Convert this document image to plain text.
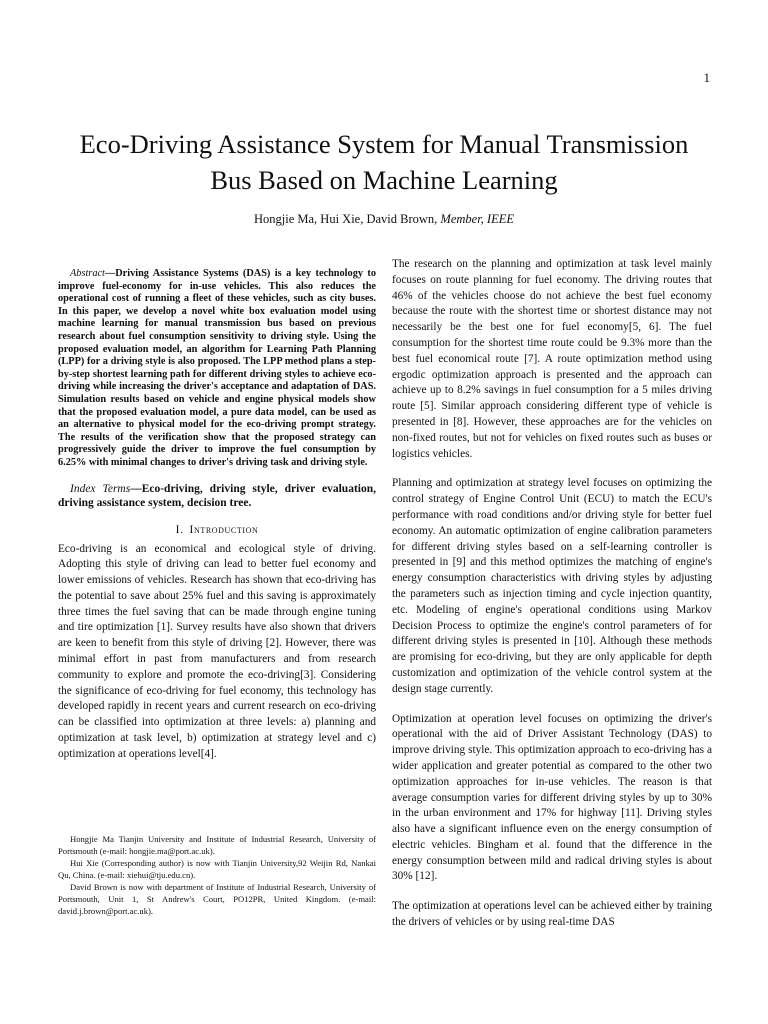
1
Eco-Driving Assistance System for Manual Transmission Bus Based on Machine Learning
Hongjie Ma, Hui Xie, David Brown, Member, IEEE

Abstract—Driving Assistance Systems (DAS) is a key technology to improve fuel-economy for in-use vehicles. This also reduces the operational cost of running a fleet of these vehicles, such as city buses. In this paper, we develop a novel white box evaluation model using machine learning for manual transmission bus based on previous research about fuel consumption sensitivity to driving style. Using the proposed evaluation model, an algorithm for Learning Path Planning (LPP) for a driving style is also proposed. The LPP method plans a step-by-step shortest learning path for different driving styles to achieve eco-driving while increasing the driver's acceptance and adaptation of DAS. Simulation results based on vehicle and engine physical models show that the proposed evaluation model, a pure data model, can be used as an alternative to physical model for the eco-driving prompt strategy. The results of the verification show that the proposed strategy can progressively guide the driver to improve the fuel consumption by 6.25% with minimal changes to driver's driving task and driving style.

Index Terms—Eco-driving, driving style, driver evaluation, driving assistance system, decision tree.

I. Introduction

Eco-driving is an economical and ecological style of driving. Adopting this style of driving can lead to better fuel economy and lower emissions of vehicles. Research has shown that eco-driving has the potential to save about 25% fuel and this saving is approximately three times the fuel saving that can be made through engine tuning and tire optimization [1]. Survey results have also shown that drivers are keen to benefit from this style of driving [2]. However, there was minimal effort in past from manufacturers and from research community to explore and promote the eco-driving[3]. Considering the significance of eco-driving for fuel economy, this technology has developed rapidly in recent years and current research on eco-driving can be classified into optimization at three levels: a) planning and optimization at task level, b) optimization at strategy level and c) optimization at operations level[4].

Hongjie Ma Tianjin University and Institute of Industrial Research, University of Portsmouth (e-mail: hongjie.ma@port.ac.uk).

Hui Xie (Corresponding author) is now with Tianjin University,92 Weijin Rd, Nankai Qu, China. (e-mail: xiehui@tju.edu.cn).

David Brown is now with department of Institute of Industrial Research, University of Portsmouth, Unit 1, St Andrew's Court, PO12PR, United Kingdom. (e-mail: david.j.brown@port.ac.uk).

The research on the planning and optimization at task level mainly focuses on route planning for fuel economy. The driving routes that 46% of the vehicles choose do not achieve the best fuel economy because the route with the shortest time or shortest distance may not necessarily be the best one for fuel economy[5, 6]. The fuel consumption for the shortest time route could be 9.3% more than the best fuel economical route [7]. A route optimization method using ergodic optimization approach is presented and the approach can achieve up to 8.2% savings in fuel consumption for a 5 miles driving route [5]. Similar approach considering different type of vehicle is presented in [8]. However, these approaches are for the vehicles on non-fixed routes, but not for vehicles on fixed routes such as buses or logistics vehicles.

Planning and optimization at strategy level focuses on optimizing the control strategy of Engine Control Unit (ECU) to match the ECU's performance with road conditions and/or driving style for better fuel economy. An automatic optimization of engine calibration parameters for different driving styles based on a self-learning controller is presented in [9] and this method optimizes the matching of engine's energy consumption characteristics with driving styles by adjusting the parameters such as injection timing and cycle injection quantity, etc. Modeling of engine's operational conditions using Markov Decision Process to optimize the engine's control parameters of for different driving styles is presented in [10]. Although these methods are promising for eco-driving, but they are only applicable for depth customization and optimization of the vehicle control system at the design stage currently.

Optimization at operation level focuses on optimizing the driver's operational with the aid of Driver Assistant Technology (DAS) to improve driving style. This optimization approach to eco-driving has a wider application and greater potential as compared to the other two optimization approaches for in-use vehicles. The reason is that average consumption varies for different driving styles by up to 30% in the urban environment and 17% for highway [11]. Driving styles also have a significant influence even on the energy consumption of electric vehicles. Bingham et al. found that the difference in the energy consumption between mild and radical driving styles is about 30% [12].

The optimization at operations level can be achieved either by training the drivers of vehicles or by using real-time DAS
